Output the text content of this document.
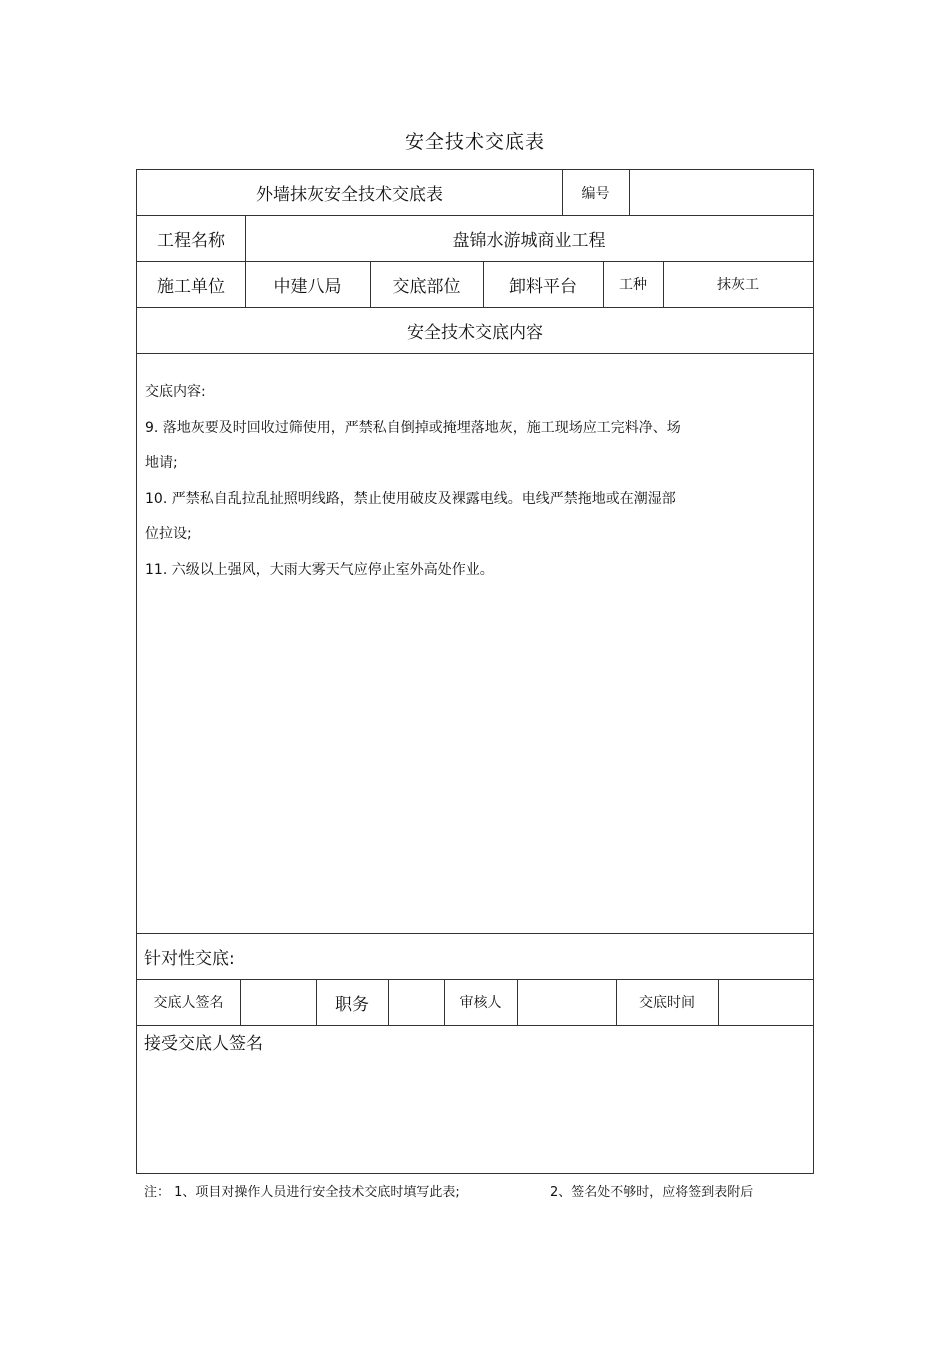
安全技术交底表
外墙抹灰安全技术交底表	编号
工程名称	盘锦水游城商业工程
施工单位	中建八局	交底部位	卸料平台	工种	抹灰工
安全技术交底内容

交底内容:

9. 落地灰要及时回收过筛使用，严禁私自倒掉或掩埋落地灰，施工现场应工完料净、场

地请;

10. 严禁私自乱拉乱扯照明线路，禁止使用破皮及裸露电线。电线严禁拖地或在潮湿部

位拉设;

11. 六级以上强风，大雨大雾天气应停止室外高处作业。

针对性交底:
交底人签名	职务	审核人	交底时间
接受交底人签名
注： 1、项目对操作人员进行安全技术交底时填写此表;	2、签名处不够时，应将签到表附后
